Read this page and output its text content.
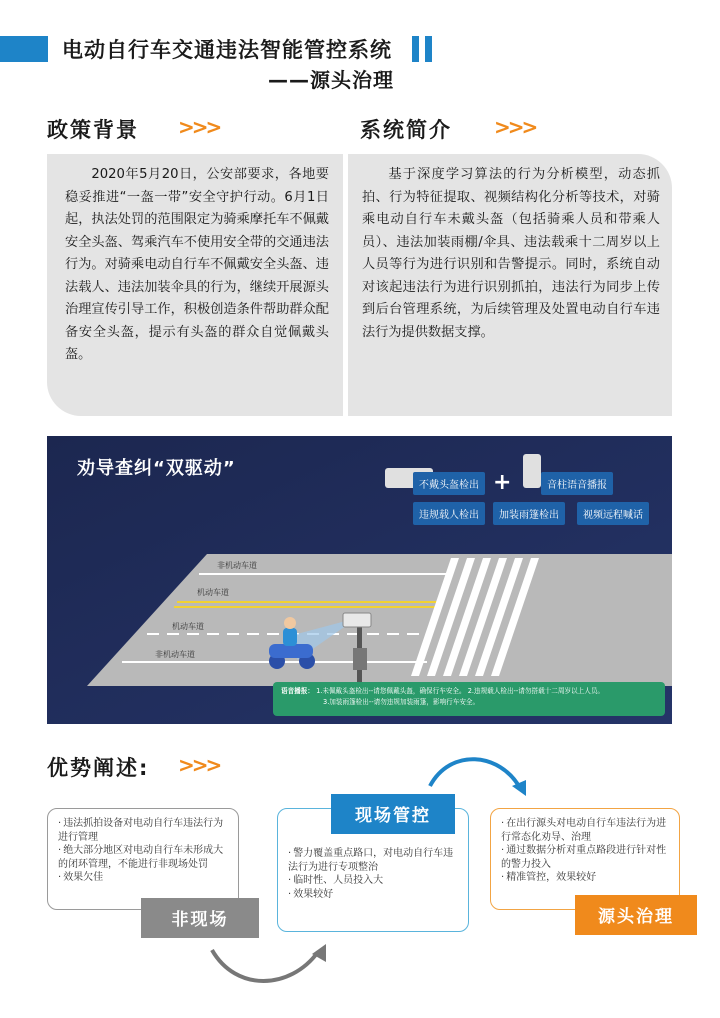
电动自行车交通违法智能管控系统
——源头治理
政策背景 >>>	系统简介 >>>

2020年5月20日，公安部要求，各地要稳妥推进“一盔一带”安全守护行动。6月1日起，执法处罚的范围限定为骑乘摩托车不佩戴安全头盔、驾乘汽车不使用安全带的交通违法行为。对骑乘电动自行车不佩戴安全头盔、违法载人、违法加装伞具的行为，继续开展源头治理宣传引导工作，积极创造条件帮助群众配备安全头盔，提示有头盔的群众自觉佩戴头盔。

基于深度学习算法的行为分析模型，动态抓拍、行为特征提取、视频结构化分析等技术，对骑乘电动自行车未戴头盔（包括骑乘人员和带乘人员）、违法加装雨棚/伞具、违法载乘十二周岁以上人员等行为进行识别和告警提示。同时，系统自动对该起违法行为进行识别抓拍，违法行为同步上传到后台管理系统，为后续管理及处置电动自行车违法行为提供数据支撑。

劝导查纠“双驱动”
+
不戴头盔检出	音柱语音播报
违规载人检出	加装雨篷检出	视频远程喊话
非机动车道
机动车道
机动车道
非机动车道
语音播报： 1.未佩戴头盔检出--请您佩戴头盔，确保行车安全。 2.违规载人检出--请勿搭载十二周岁以上人员。
3.加装雨篷检出--请勿违规加装雨篷，影响行车安全。
优势阐述: >>>
· 违法抓拍设备对电动自行车违法行为进行管理
· 绝大部分地区对电动自行车未形成大的闭环管理，不能进行非现场处罚
· 效果欠佳
· 警力覆盖重点路口，对电动自行车违法行为进行专项整治
· 临时性、人员投入大
· 效果较好
· 在出行源头对电动自行车违法行为进行常态化劝导、治理
· 通过数据分析对重点路段进行针对性的警力投入
· 精准管控，效果较好
非现场
现场管控
源头治理
